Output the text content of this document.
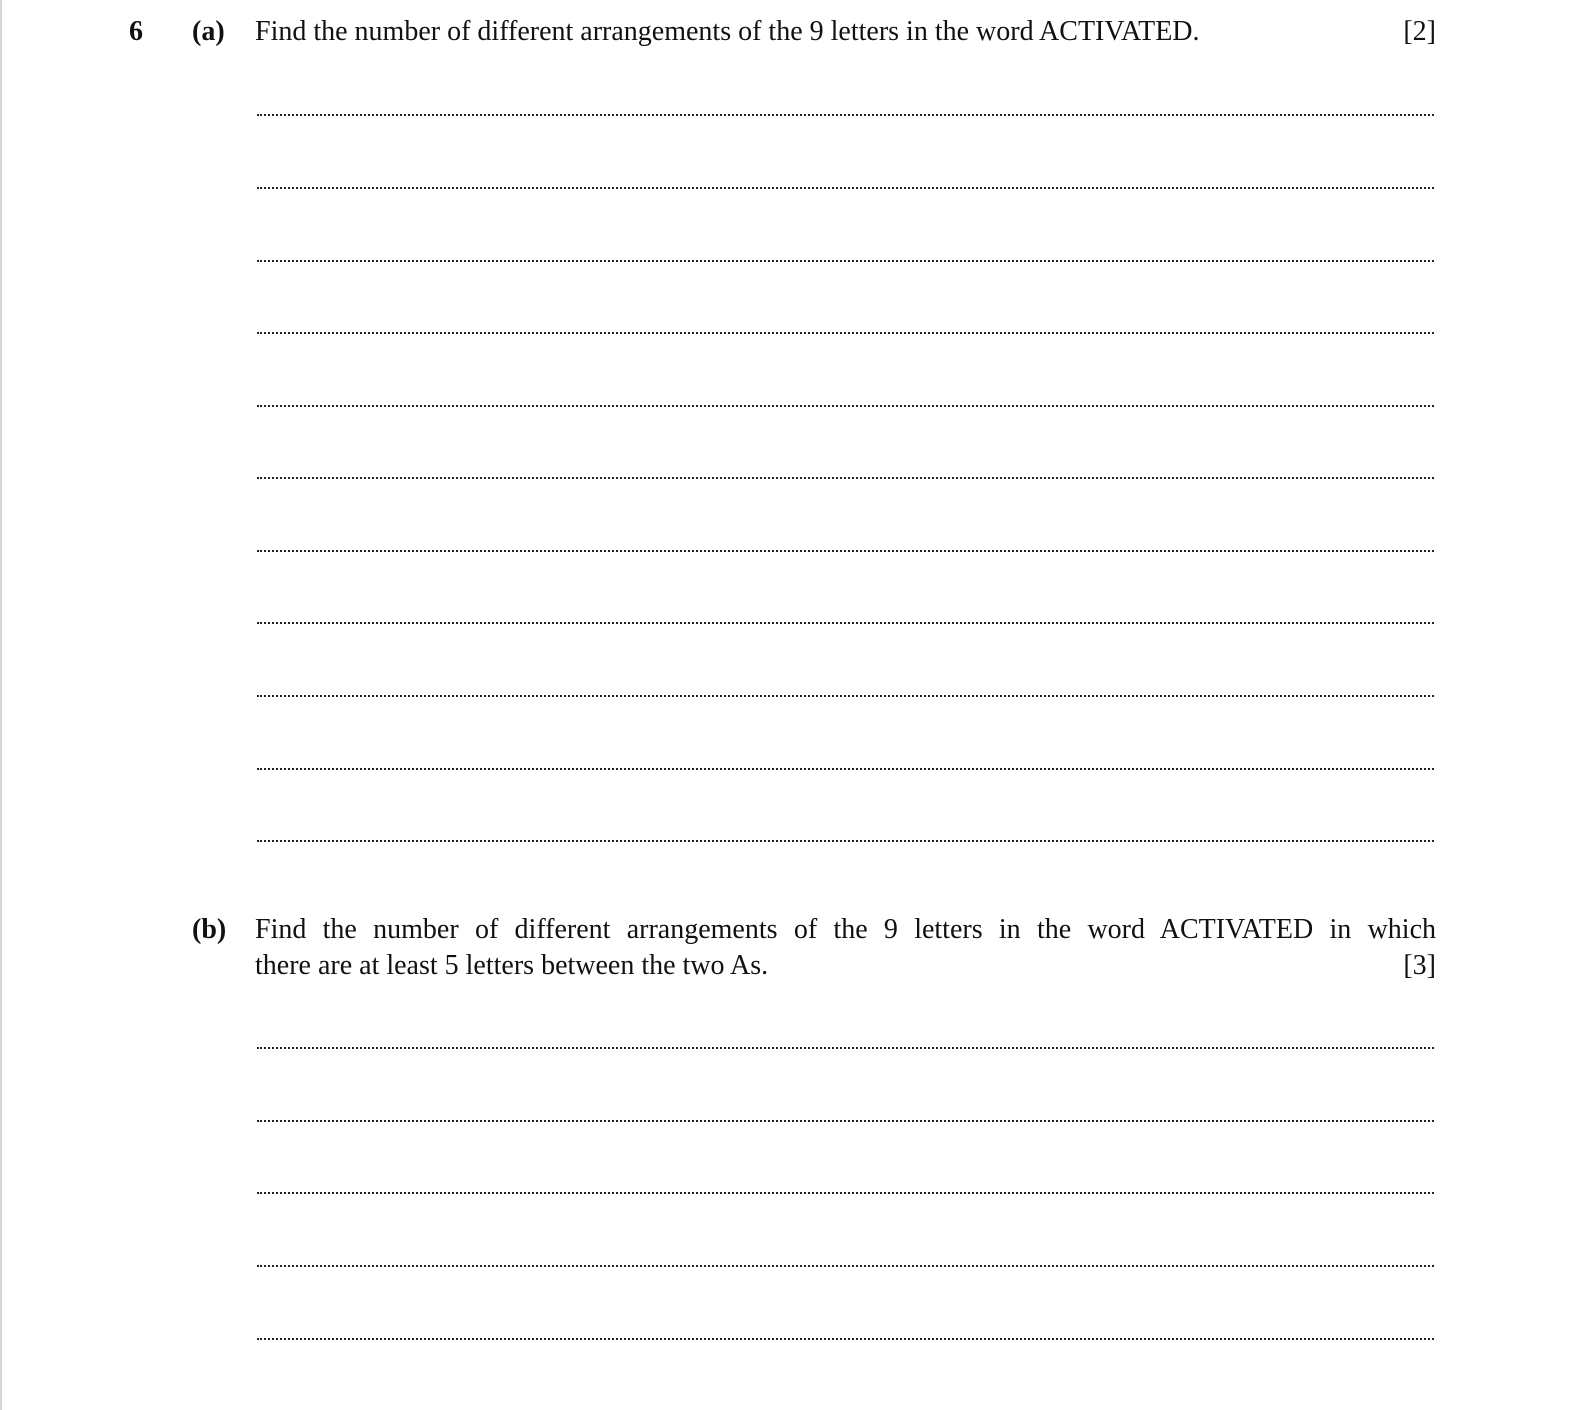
6 (a) Find the number of different arrangements of the 9 letters in the word ACTIVATED.	[2]
(b) Find the number of different arrangements of the 9 letters in the word ACTIVATED in which
there are at least 5 letters between the two As.	[3]
